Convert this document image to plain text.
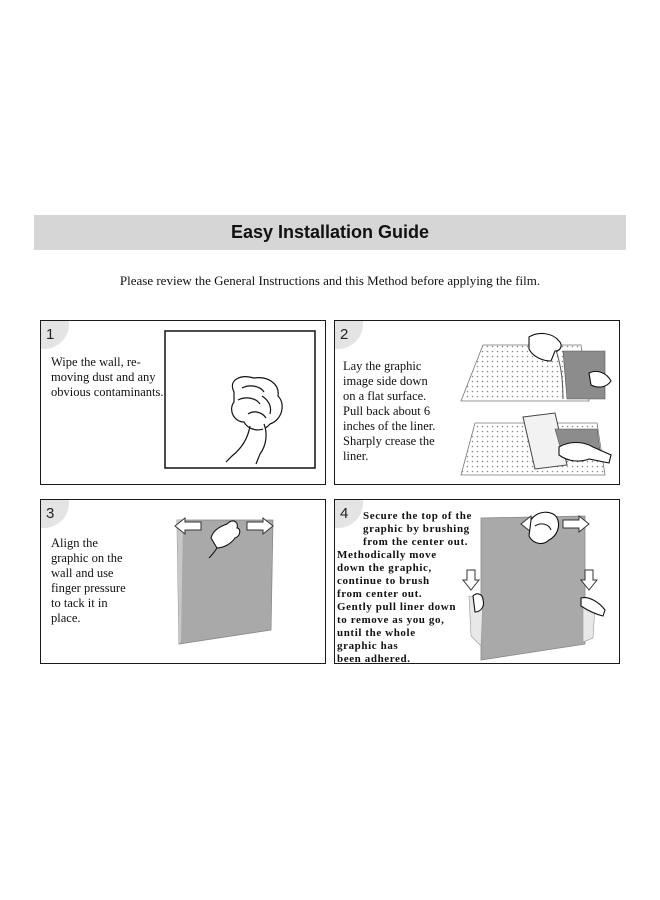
Easy Installation Guide
Please review the General Instructions and this Method before applying the film.
1
Wipe the wall, re-
moving dust and any
obvious contaminants.
2
Lay the graphic
image side down
on a flat surface.
Pull back about 6
inches of the liner.
Sharply crease the
liner.
3
Align the
graphic on the
wall and use
finger pressure
to tack it in
place.
4 Secure the top of the
graphic by brushing
from the center out.
Methodically move
down the graphic,
continue to brush
from center out.
Gently pull liner down
to remove as you go,
until the whole
graphic has
been adhered.
